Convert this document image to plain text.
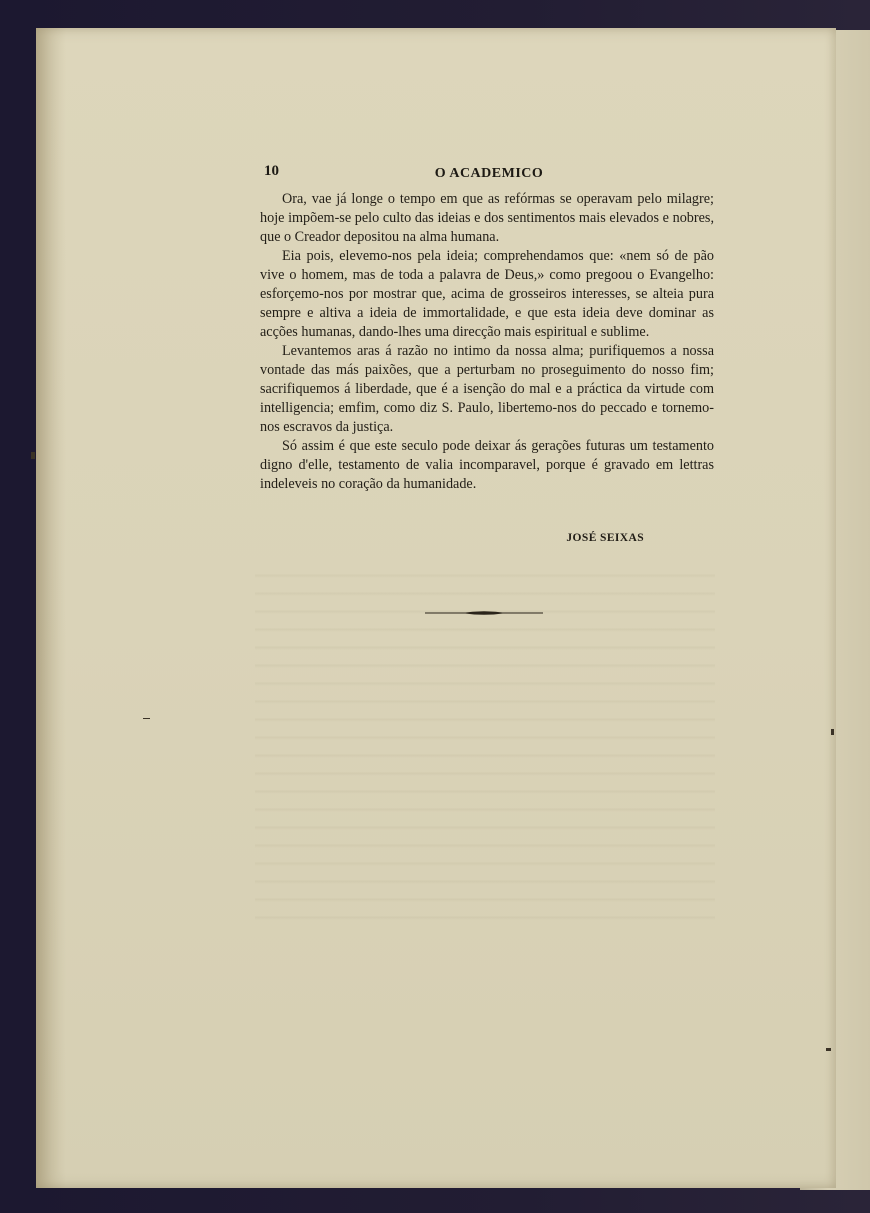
10	O ACADEMICO

Ora, vae já longe o tempo em que as refórmas se operavam pelo milagre; hoje impõem-se pelo culto das ideias e dos sentimentos mais elevados e nobres, que o Creador depositou na alma humana.

Eia pois, elevemo-nos pela ideia; comprehendamos que: «nem só de pão vive o homem, mas de toda a palavra de Deus,» como pregoou o Evangelho: esforçemo-nos por mostrar que, acima de grosseiros interesses, se alteia pura sempre e altiva a ideia de immortalidade, e que esta ideia deve dominar as acções humanas, dando-lhes uma direcção mais espiritual e sublime.

Levantemos aras á razão no intimo da nossa alma; purifiquemos a nossa vontade das más paixões, que a perturbam no proseguimento do nosso fim; sacrifiquemos á liberdade, que é a isenção do mal e a práctica da virtude com intelligencia; emfim, como diz S. Paulo, libertemo-nos do peccado e tornemo-nos escravos da justiça.

Só assim é que este seculo pode deixar ás gerações futuras um testamento digno d'elle, testamento de valia incomparavel, porque é gravado em lettras indeleveis no coração da humanidade.

JOSÉ SEIXAS
